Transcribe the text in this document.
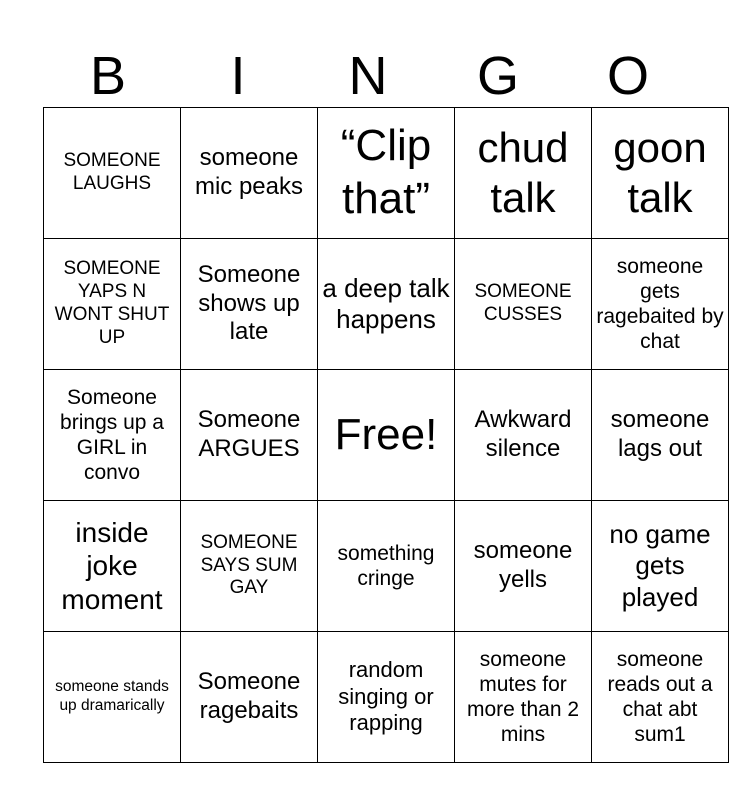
B	I	N	G	O
SOMEONE LAUGHS	someone mic peaks	“Clip that”	chud talk	goon talk
SOMEONE YAPS N WONT SHUT UP	Someone shows up late	a deep talk happens	SOMEONE CUSSES	someone gets ragebaited by chat
Someone brings up a GIRL in convo	Someone ARGUES	Free!	Awkward silence	someone lags out
inside joke moment	SOMEONE SAYS SUM GAY	something cringe	someone yells	no game gets played
someone stands up dramarically	Someone ragebaits	random singing or rapping	someone mutes for more than 2 mins	someone reads out a chat abt sum1
